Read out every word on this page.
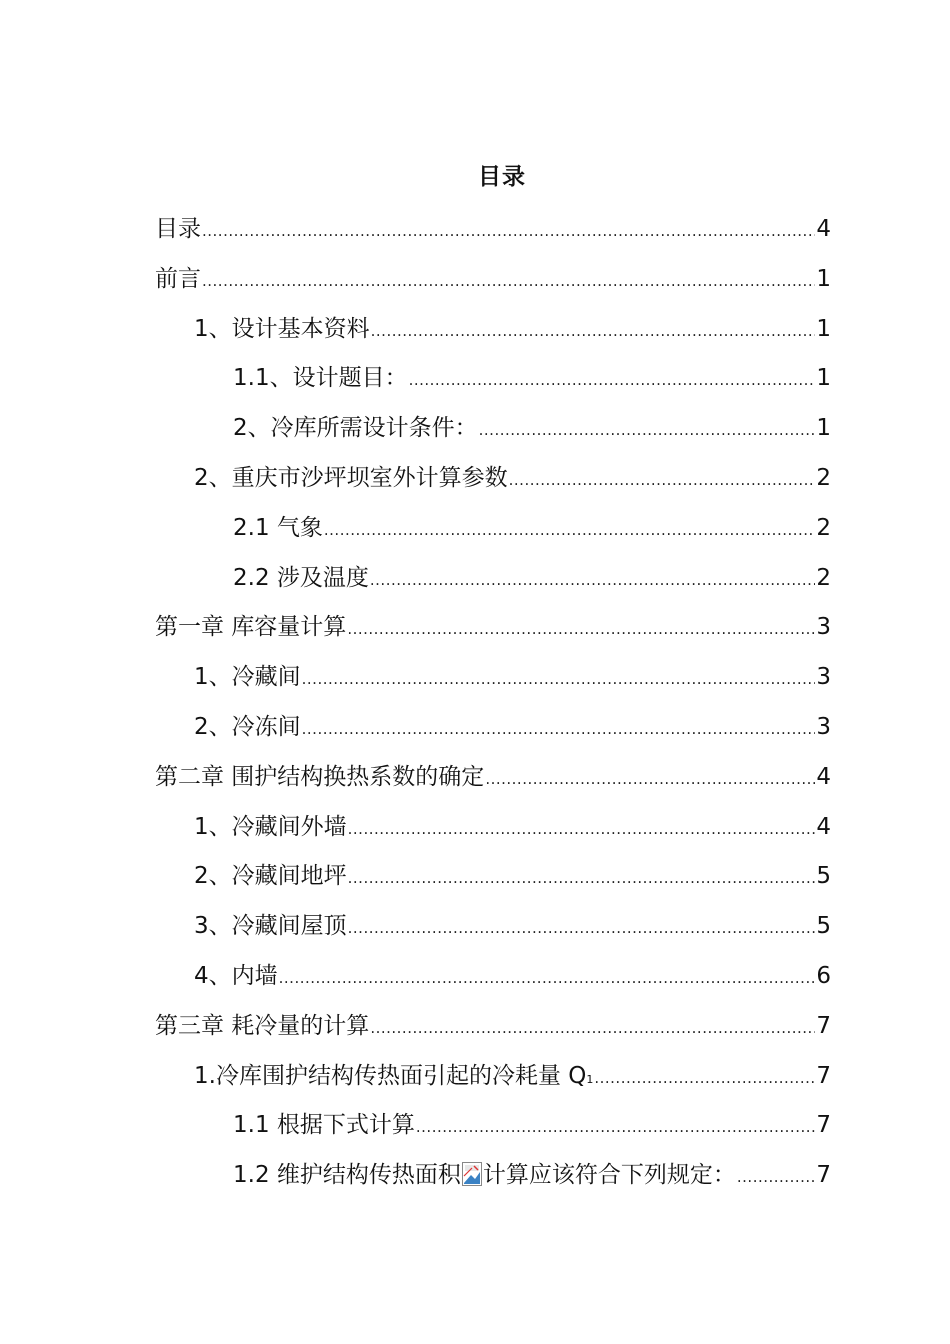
目录
目录 .....	4
前言 .....	1
1、设计基本资料 .....	1
1.1、设计题目： .....	1
2、冷库所需设计条件： .....	1
2、重庆市沙坪坝室外计算参数 .....	2
2.1 气象 .....	2
2.2 涉及温度 .....	2
第一章 库容量计算 .....	3
1、冷藏间 .....	3
2、冷冻间 .....	3
第二章 围护结构换热系数的确定 .....	4
1、冷藏间外墙 .....	4
2、冷藏间地坪 .....	5
3、冷藏间屋顶 .....	5
4、内墙 .....	6
第三章 耗冷量的计算 .....	7
1.冷库围护结构传热面引起的冷耗量 Q1 .....	7
1.1 根据下式计算 .....	7
1.2 维护结构传热面积 计算应该符合下列规定： .....	7
